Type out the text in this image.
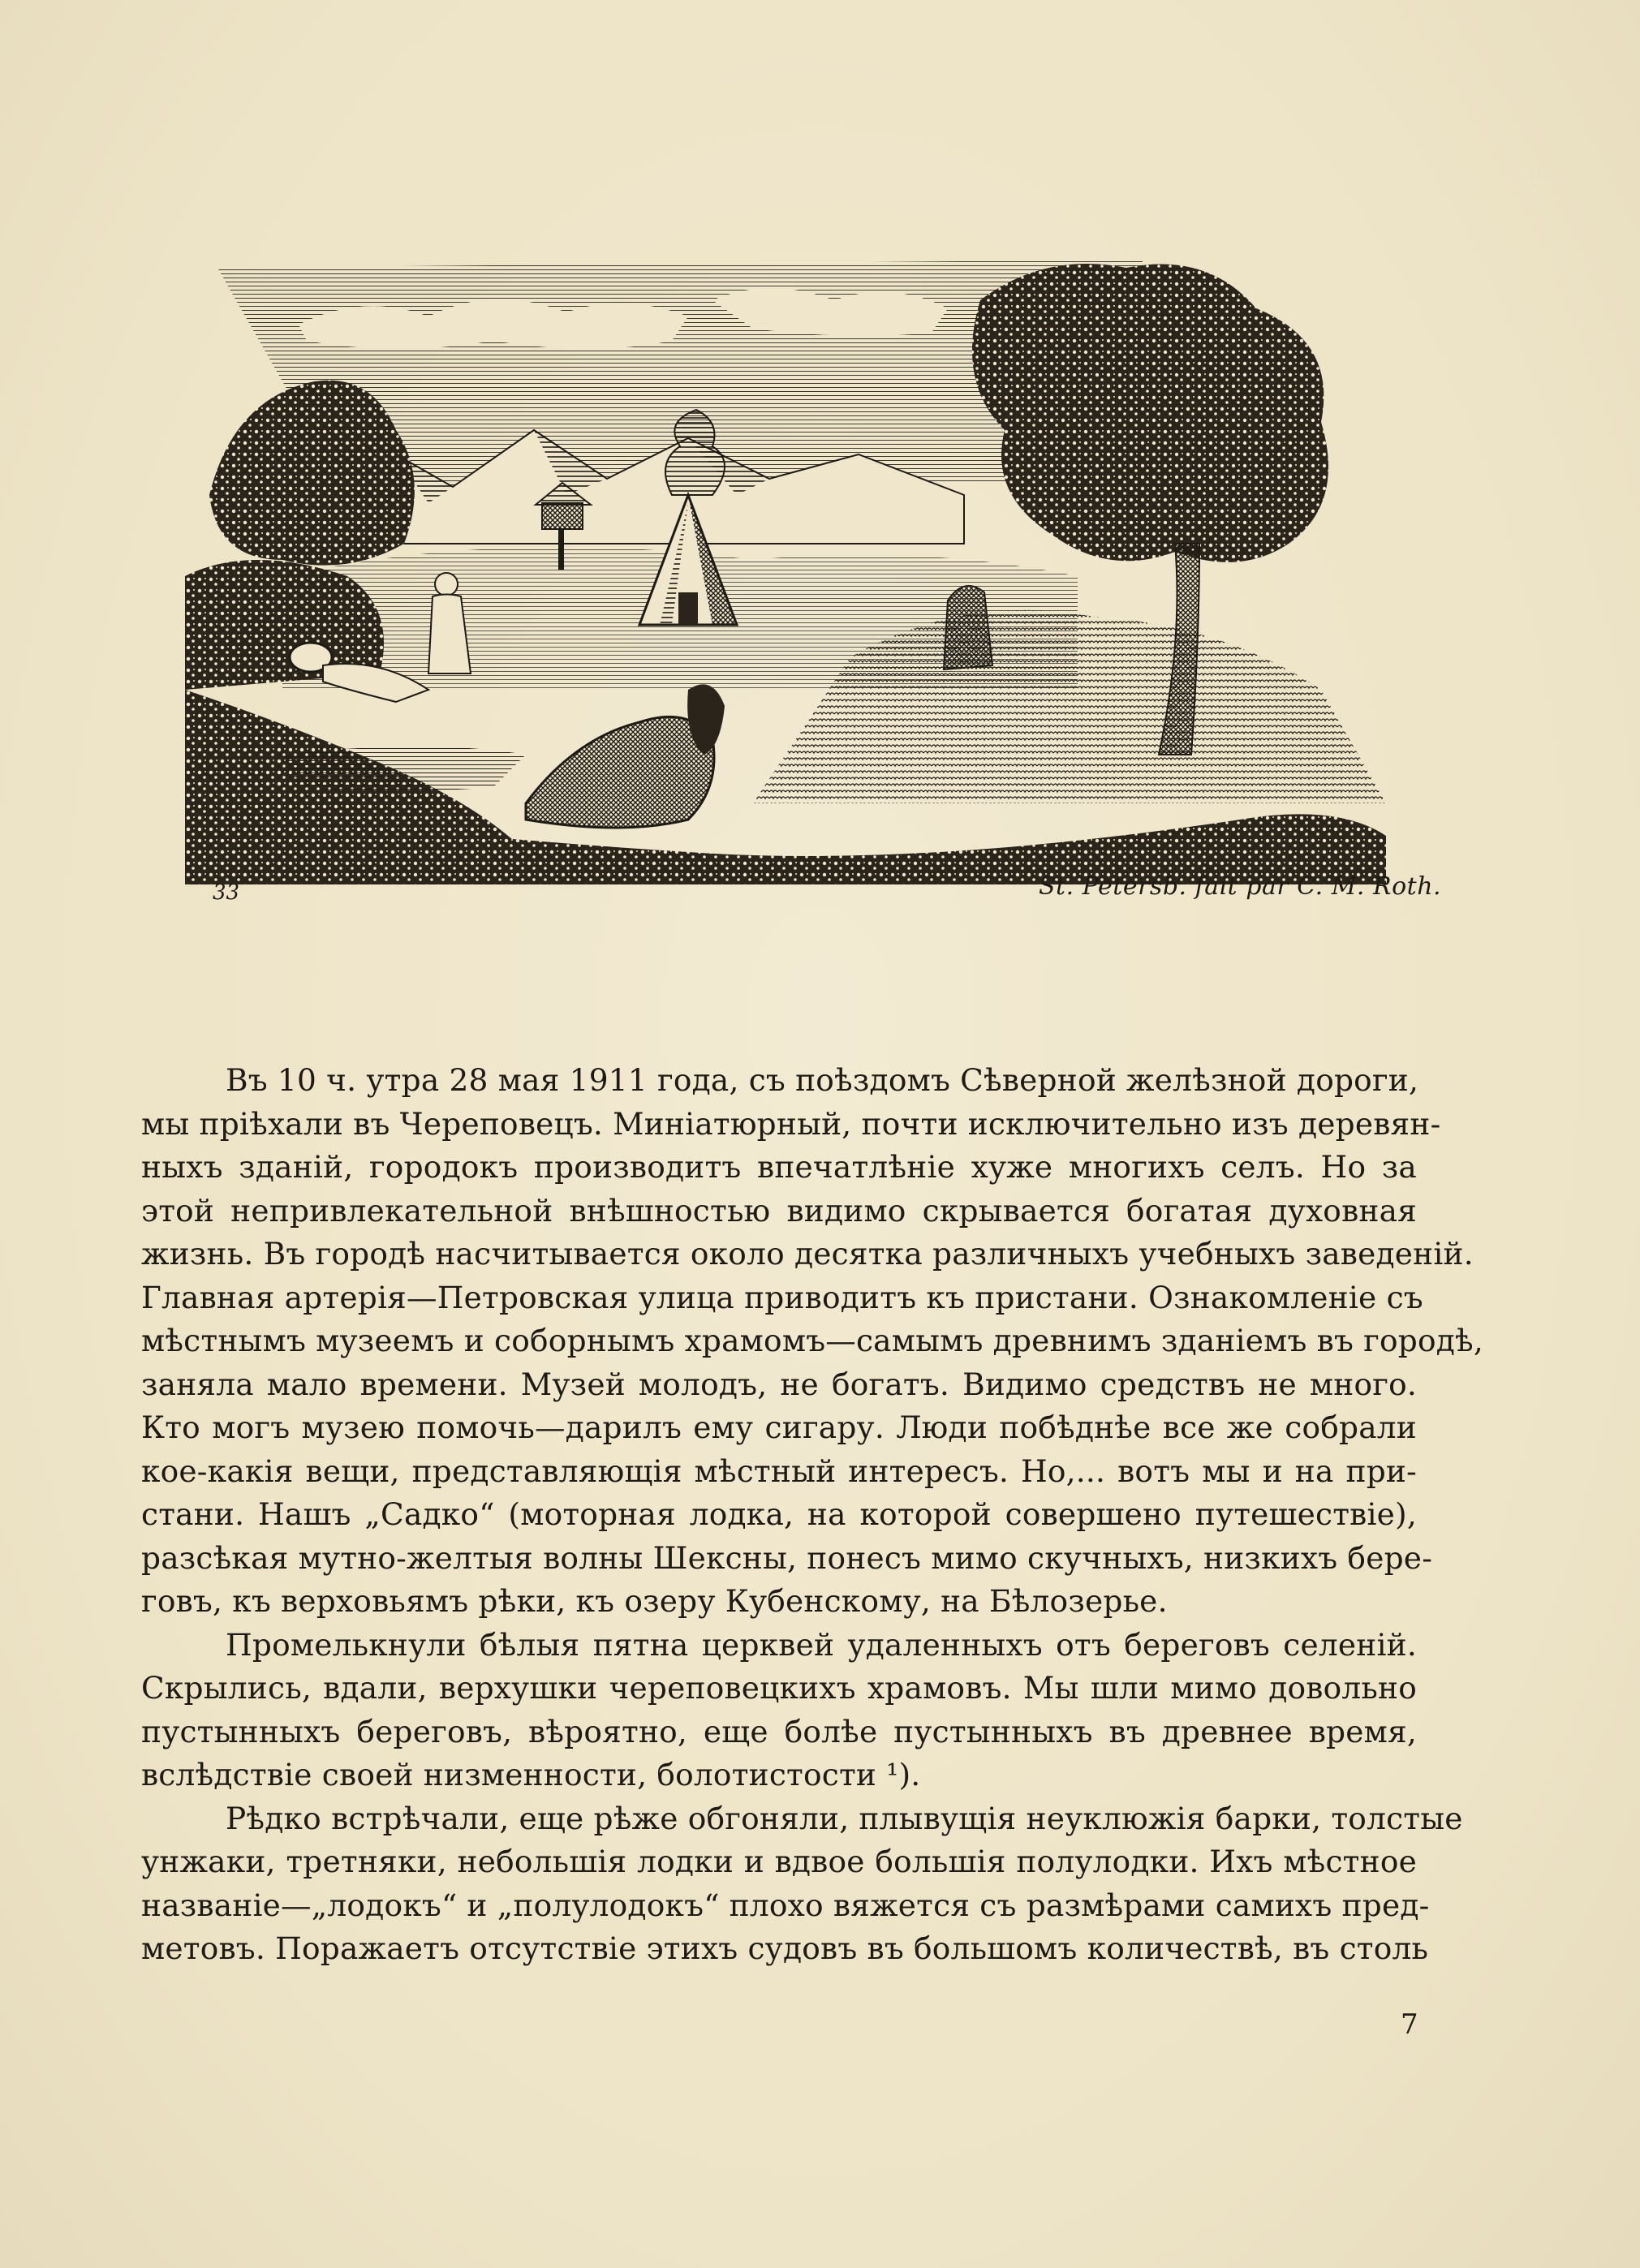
8
33	St. Petersb. fait par C. M. Roth.
Въ 10 ч. утра 28 мая 1911 года, съ поѣздомъ Сѣверной желѣзной дороги,
мы пріѣхали въ Череповецъ. Миніатюрный, почти исключительно изъ деревян-
ныхъ зданій, городокъ производитъ впечатлѣніе хуже многихъ селъ. Но за
этой непривлекательной внѣшностью видимо скрывается богатая духовная
жизнь. Въ городѣ насчитывается около десятка различныхъ учебныхъ заведеній.
Главная артерія—Петровская улица приводитъ къ пристани. Ознакомленіе съ
мѣстнымъ музеемъ и соборнымъ храмомъ—самымъ древнимъ зданіемъ въ городѣ,
заняла мало времени. Музей молодъ, не богатъ. Видимо средствъ не много.
Кто могъ музею помочь—дарилъ ему сигару. Люди побѣднѣе все же собрали
кое-какія вещи, представляющія мѣстный интересъ. Но,... вотъ мы и на при-
стани. Нашъ „Садко“ (моторная лодка, на которой совершено путешествіе),
разсѣкая мутно-желтыя волны Шексны, понесъ мимо скучныхъ, низкихъ бере-
говъ, къ верховьямъ рѣки, къ озеру Кубенскому, на Бѣлозерье.
Промелькнули бѣлыя пятна церквей удаленныхъ отъ береговъ селеній.
Скрылись, вдали, верхушки череповецкихъ храмовъ. Мы шли мимо довольно
пустынныхъ береговъ, вѣроятно, еще болѣе пустынныхъ въ древнее время,
вслѣдствіе своей низменности, болотистости ¹).
Рѣдко встрѣчали, еще рѣже обгоняли, плывущія неуклюжія барки, толстые
унжаки, третняки, небольшія лодки и вдвое большія полулодки. Ихъ мѣстное
названіе—„лодокъ“ и „полулодокъ“ плохо вяжется съ размѣрами самихъ пред-
метовъ. Поражаетъ отсутствіе этихъ судовъ въ большомъ количествѣ, въ столь
7
